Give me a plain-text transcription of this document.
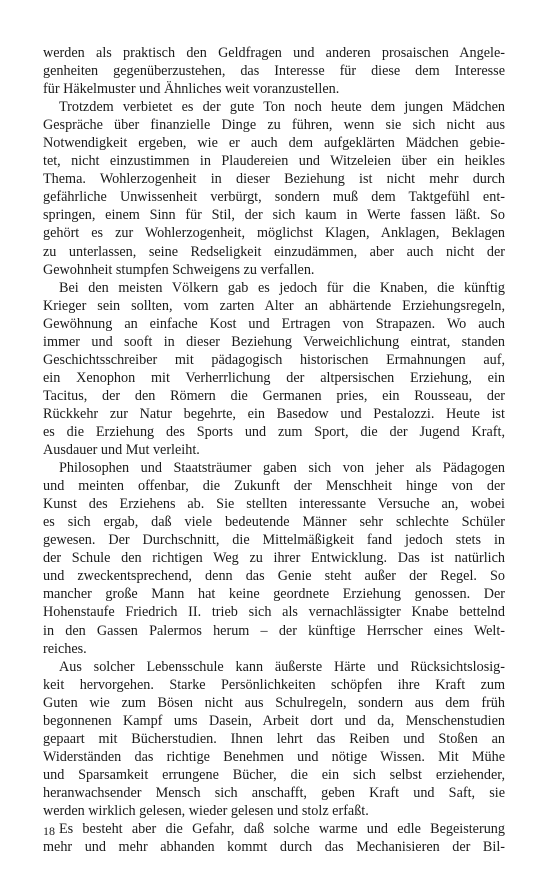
werden als praktisch den Geldfragen und anderen prosaischen Angele-
genheiten gegenüberzustehen, das Interesse für diese dem Interesse
für Häkelmuster und Ähnliches weit voranzustellen.
Trotzdem verbietet es der gute Ton noch heute dem jungen Mädchen
Gespräche über finanzielle Dinge zu führen, wenn sie sich nicht aus
Notwendigkeit ergeben, wie er auch dem aufgeklärten Mädchen gebie-
tet, nicht einzustimmen in Plaudereien und Witzeleien über ein heikles
Thema. Wohlerzogenheit in dieser Beziehung ist nicht mehr durch
gefährliche Unwissenheit verbürgt, sondern muß dem Taktgefühl ent-
springen, einem Sinn für Stil, der sich kaum in Werte fassen läßt. So
gehört es zur Wohlerzogenheit, möglichst Klagen, Anklagen, Beklagen
zu unterlassen, seine Redseligkeit einzudämmen, aber auch nicht der
Gewohnheit stumpfen Schweigens zu verfallen.
Bei den meisten Völkern gab es jedoch für die Knaben, die künftig
Krieger sein sollten, vom zarten Alter an abhärtende Erziehungsregeln,
Gewöhnung an einfache Kost und Ertragen von Strapazen. Wo auch
immer und sooft in dieser Beziehung Verweichlichung eintrat, standen
Geschichtsschreiber mit pädagogisch historischen Ermahnungen auf,
ein Xenophon mit Verherrlichung der altpersischen Erziehung, ein
Tacitus, der den Römern die Germanen pries, ein Rousseau, der
Rückkehr zur Natur begehrte, ein Basedow und Pestalozzi. Heute ist
es die Erziehung des Sports und zum Sport, die der Jugend Kraft,
Ausdauer und Mut verleiht.
Philosophen und Staatsträumer gaben sich von jeher als Pädagogen
und meinten offenbar, die Zukunft der Menschheit hinge von der
Kunst des Erziehens ab. Sie stellten interessante Versuche an, wobei
es sich ergab, daß viele bedeutende Männer sehr schlechte Schüler
gewesen. Der Durchschnitt, die Mittelmäßigkeit fand jedoch stets in
der Schule den richtigen Weg zu ihrer Entwicklung. Das ist natürlich
und zweckentsprechend, denn das Genie steht außer der Regel. So
mancher große Mann hat keine geordnete Erziehung genossen. Der
Hohenstaufe Friedrich II. trieb sich als vernachlässigter Knabe bettelnd
in den Gassen Palermos herum – der künftige Herrscher eines Welt-
reiches.
Aus solcher Lebensschule kann äußerste Härte und Rücksichtslosig-
keit hervorgehen. Starke Persönlichkeiten schöpfen ihre Kraft zum
Guten wie zum Bösen nicht aus Schulregeln, sondern aus dem früh
begonnenen Kampf ums Dasein, Arbeit dort und da, Menschenstudien
gepaart mit Bücherstudien. Ihnen lehrt das Reiben und Stoßen an
Widerständen das richtige Benehmen und nötige Wissen. Mit Mühe
und Sparsamkeit errungene Bücher, die ein sich selbst erziehender,
heranwachsender Mensch sich anschafft, geben Kraft und Saft, sie
werden wirklich gelesen, wieder gelesen und stolz erfaßt.
Es besteht aber die Gefahr, daß solche warme und edle Begeisterung
mehr und mehr abhanden kommt durch das Mechanisieren der Bil-
18
